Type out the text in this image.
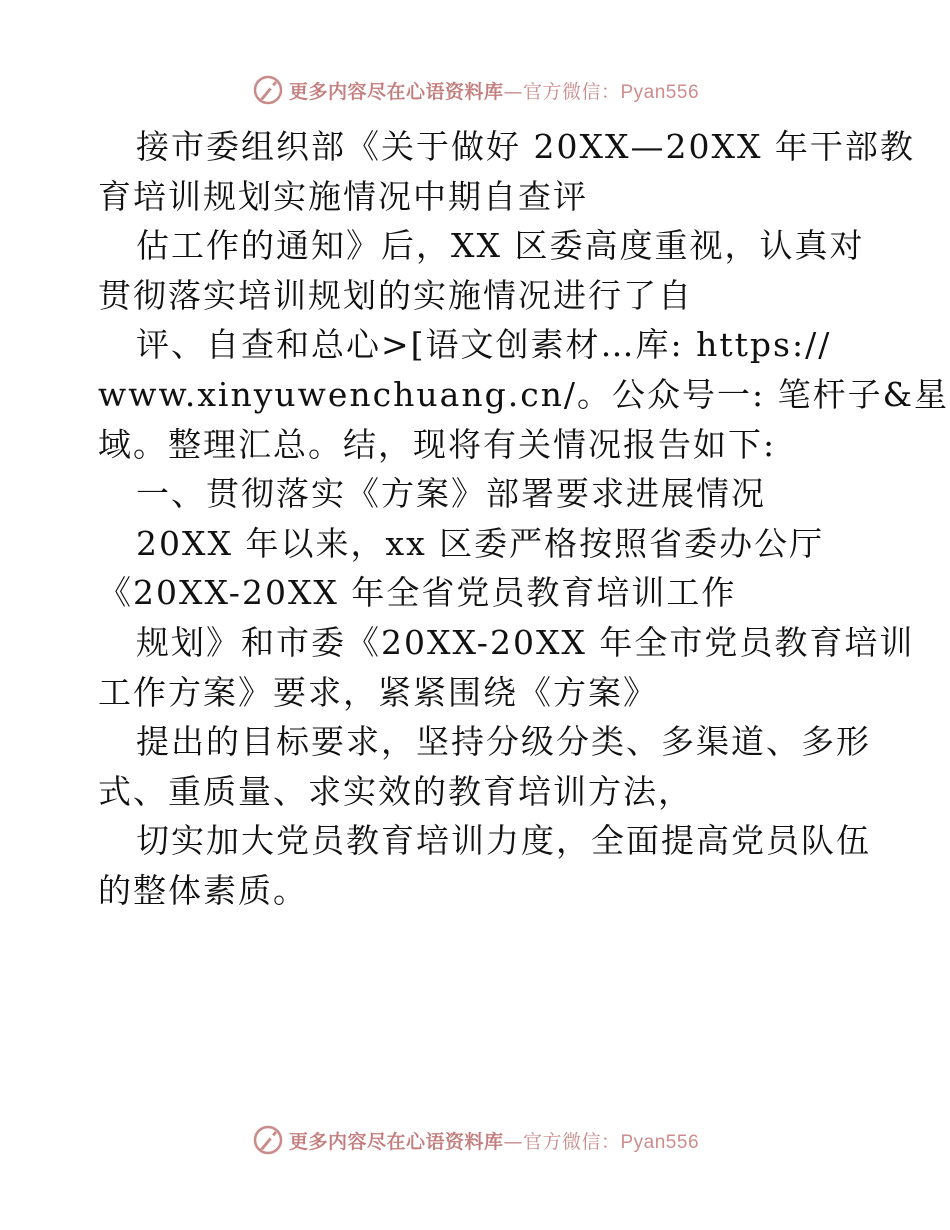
更多内容尽在心语资料库—官方微信：Pyan556
接市委组织部《关于做好 20XX—20XX 年干部教
育培训规划实施情况中期自查评
估工作的通知》后，XX 区委高度重视，认真对
贯彻落实培训规划的实施情况进行了自
评、自查和总心>[语文创素材…库: https://
www.xinyuwenchuang.cn/。公众号一: 笔杆子&星
域。整理汇总。结，现将有关情况报告如下:
一、贯彻落实《方案》部署要求进展情况
20XX 年以来，xx 区委严格按照省委办公厅
《20XX-20XX 年全省党员教育培训工作
规划》和市委《20XX-20XX 年全市党员教育培训
工作方案》要求，紧紧围绕《方案》
提出的目标要求，坚持分级分类、多渠道、多形
式、重质量、求实效的教育培训方法，
切实加大党员教育培训力度，全面提高党员队伍
的整体素质。
更多内容尽在心语资料库—官方微信：Pyan556
